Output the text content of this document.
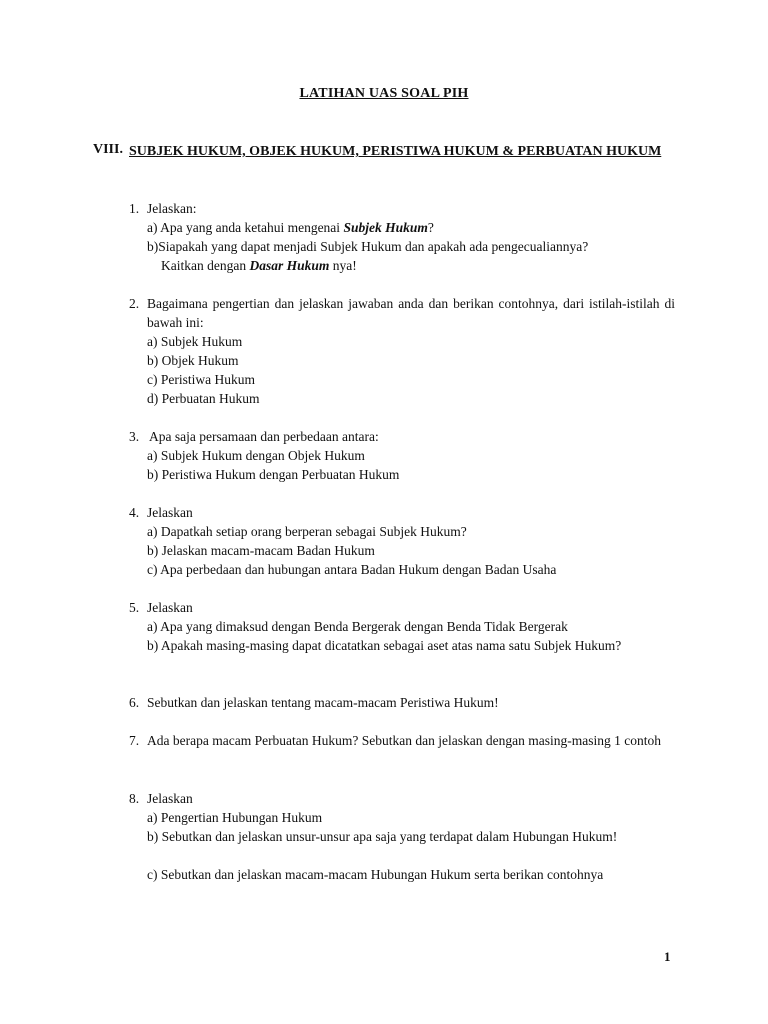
LATIHAN UAS SOAL PIH
VIII. SUBJEK HUKUM, OBJEK HUKUM, PERISTIWA HUKUM & PERBUATAN HUKUM
1. Jelaskan:
a) Apa yang anda ketahui mengenai Subjek Hukum?
b)Siapakah yang dapat menjadi Subjek Hukum dan apakah ada pengecualiannya?
Kaitkan dengan Dasar Hukum nya!
2. Bagaimana pengertian dan jelaskan jawaban anda dan berikan contohnya, dari istilah-istilah di bawah ini:
a) Subjek Hukum
b) Objek Hukum
c) Peristiwa Hukum
d) Perbuatan Hukum
3. Apa saja persamaan dan perbedaan antara:
a) Subjek Hukum dengan Objek Hukum
b) Peristiwa Hukum dengan Perbuatan Hukum
4. Jelaskan
a) Dapatkah setiap orang berperan sebagai Subjek Hukum?
b) Jelaskan macam-macam Badan Hukum
c) Apa perbedaan dan hubungan antara Badan Hukum dengan Badan Usaha
5. Jelaskan
a) Apa yang dimaksud dengan Benda Bergerak dengan Benda Tidak Bergerak
b) Apakah masing-masing dapat dicatatkan sebagai aset atas nama satu Subjek Hukum?
6. Sebutkan dan jelaskan tentang macam-macam Peristiwa Hukum!
7. Ada berapa macam Perbuatan Hukum? Sebutkan dan jelaskan dengan masing-masing 1 contoh
8. Jelaskan
a) Pengertian Hubungan Hukum
b) Sebutkan dan jelaskan unsur-unsur apa saja yang terdapat dalam Hubungan Hukum!
c) Sebutkan dan jelaskan macam-macam Hubungan Hukum serta berikan contohnya
1
